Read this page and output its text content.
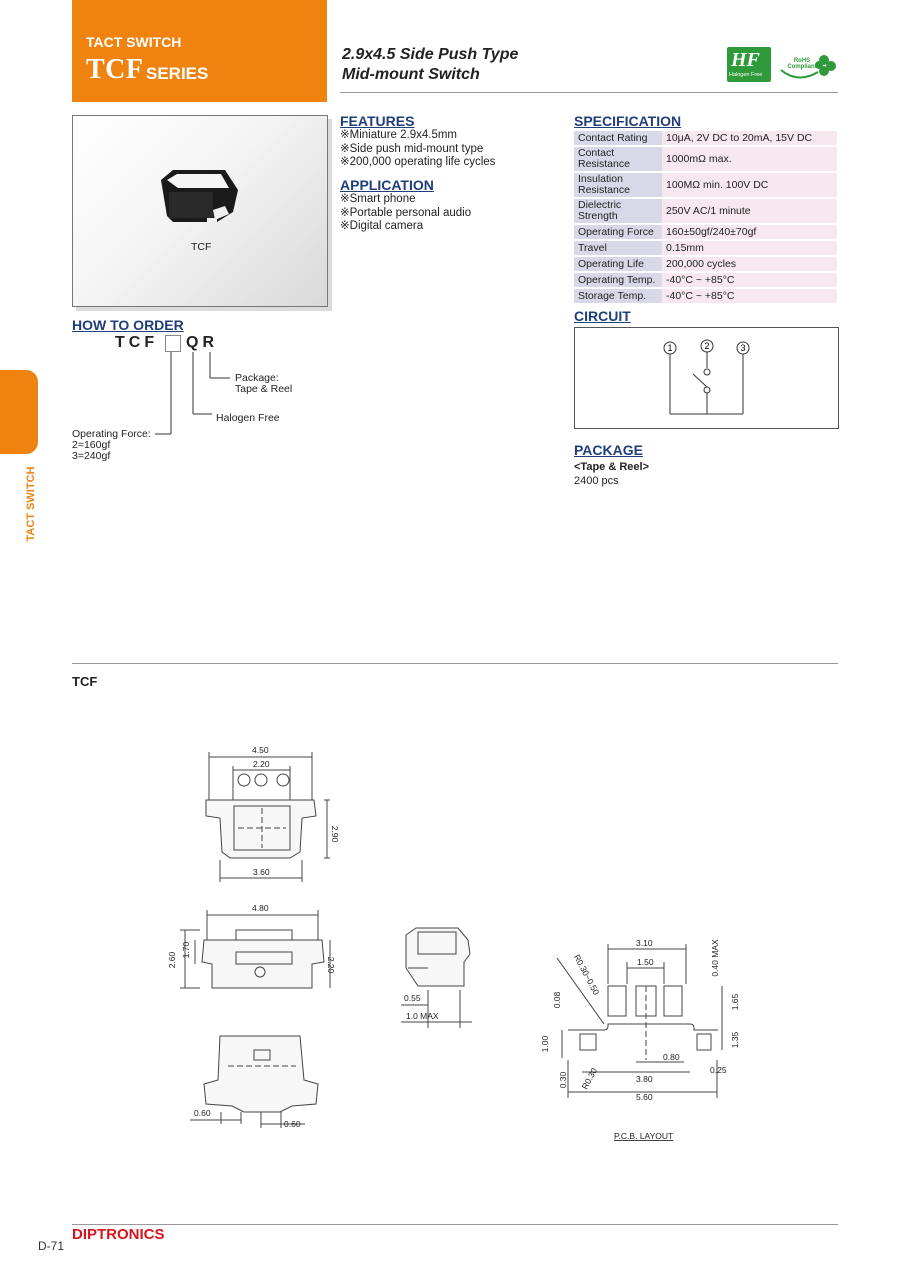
TACT SWITCH
TCF SERIES
2.9x4.5 Side Push Type
Mid-mount Switch
HF
Halogen Free
RoHS Compliant
TCF
FEATURES
※Miniature 2.9x4.5mm
※Side push mid-mount type
※200,000 operating life cycles
APPLICATION
※Smart phone
※Portable personal audio
※Digital camera
SPECIFICATION
Contact Rating	10μA, 2V DC to 20mA, 15V DC
Contact Resistance	1000mΩ max.
Insulation Resistance	100MΩ min. 100V DC
Dielectric Strength	250V AC/1 minute
Operating Force	160±50gf/240±70gf
Travel	0.15mm
Operating Life	200,000 cycles
Operating Temp.	-40°C ~ +85°C
Storage Temp.	-40°C ~ +85°C
CIRCUIT
1	2	3
PACKAGE
<Tape & Reel>
2400 pcs
HOW TO ORDER
TCF QR
Package:
Tape & Reel
Halogen Free
Operating Force:
2=160gf
3=240gf
TACT SWITCH
TCF
4.50
2.20
2.90
3.60
4.80
2.60
1.70
2.20
0.55
1.0 MAX
0.60
0.60
3.10
1.50	0.40 MAX
R0.30~0.50
0.08	1.65
1.00	1.35
0.80
0.30 R0.30	3.80
0.25
5.60
P.C.B. LAYOUT
D-71
DIPTRONICS
